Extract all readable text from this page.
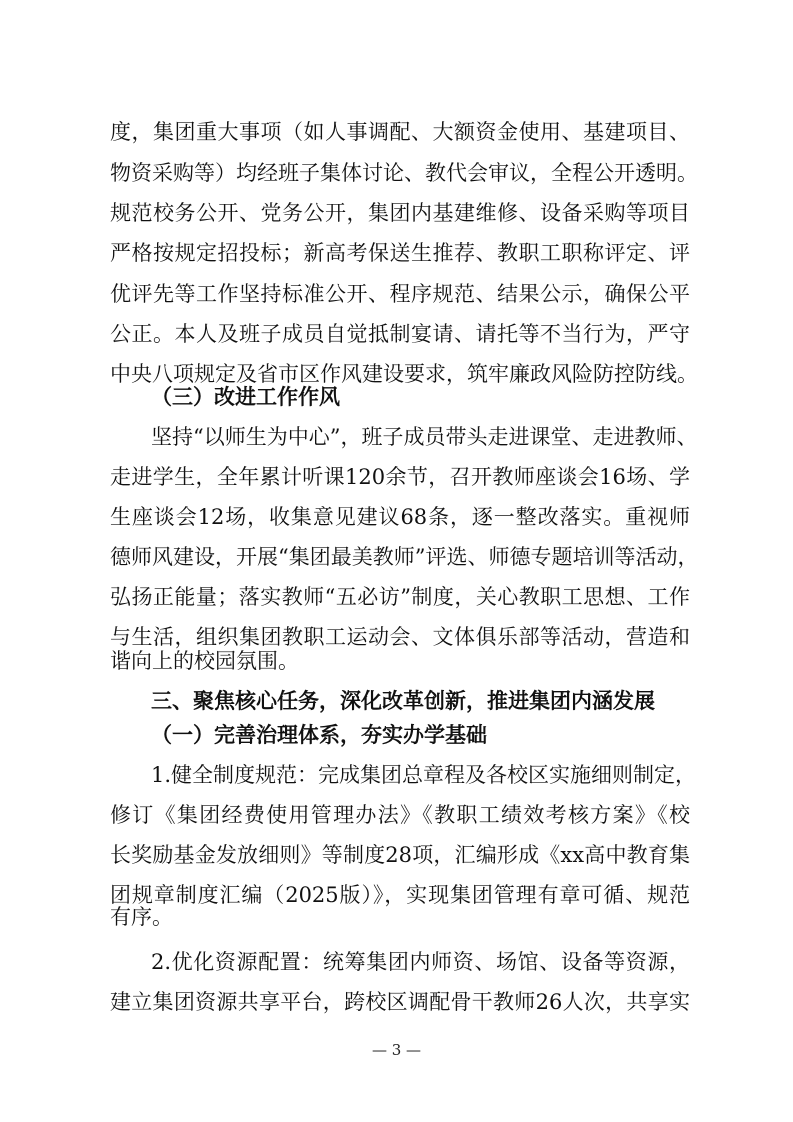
度，集团重大事项（如人事调配、大额资金使用、基建项目、
物资采购等）均经班子集体讨论、教代会审议，全程公开透明。
规范校务公开、党务公开，集团内基建维修、设备采购等项目
严格按规定招投标；新高考保送生推荐、教职工职称评定、评
优评先等工作坚持标准公开、程序规范、结果公示，确保公平
公正。本人及班子成员自觉抵制宴请、请托等不当行为，严守
中央八项规定及省市区作风建设要求，筑牢廉政风险防控防线。
（三）改进工作作风
坚持“以师生为中心”，班子成员带头走进课堂、走进教师、
走进学生，全年累计听课120余节，召开教师座谈会16场、学
生座谈会12场，收集意见建议68条，逐一整改落实。重视师
德师风建设，开展“集团最美教师”评选、师德专题培训等活动，
弘扬正能量；落实教师“五必访”制度，关心教职工思想、工作
与生活，组织集团教职工运动会、文体俱乐部等活动，营造和
谐向上的校园氛围。
三、聚焦核心任务，深化改革创新，推进集团内涵发展
（一）完善治理体系，夯实办学基础
1.健全制度规范：完成集团总章程及各校区实施细则制定，
修订《集团经费使用管理办法》《教职工绩效考核方案》《校
长奖励基金发放细则》等制度28项，汇编形成《xx高中教育集
团规章制度汇编（2025版）》，实现集团管理有章可循、规范
有序。
2.优化资源配置：统筹集团内师资、场馆、设备等资源，
建立集团资源共享平台，跨校区调配骨干教师26人次，共享实
— 3 —
